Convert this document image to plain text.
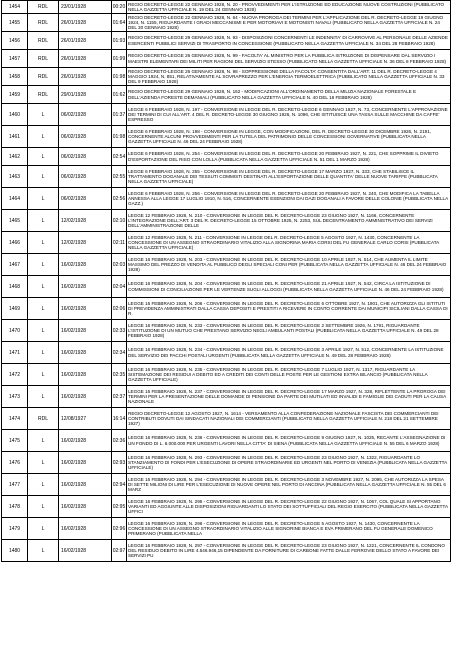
1454	RDL	23/01/1928	00:20	REGIO DECRETO-LEGGE 22 GENNAIO 1928, N. 20 - PROVVEDIMENTI PER L'ISTRUZIONE ED EDUCAZIONE NUOVE COSTRUZIONI (PUBBLICATO NELLA GAZZETTA UFFICIALE N. 19 DEL 24 GENNAIO 1928)
1455	RDL	26/01/1928	01:64	REGIO DECRETO-LEGGE 22 GENNAIO 1928, N. 64 - NUOVA PROROGA DEI TERMINI PER L'APPLICAZIONE DEL R. DECRETO-LEGGE 19 GIUGNO 1924, N. 1155, RIGUARDANTE I GRADI MECCANISMI E PER MOTORIAVI E MOTONISTI NAVALI (PUBBLICATO NELLA GAZZETTA UFFICIALE N. 24 DEL 30 GENNAIO 1928)
1456	RDL	26/01/1928	01:93	REGIO DECRETO-LEGGE 29 GENNAIO 1928, N. 93 - DISPOSIZIONI CONCERNENTI LE INDENNITA' DI CARROVIVE AL PERSONALE DELLE AZIENDE ESERCENTI PUBBLICI SERVIZI DI TRASPORTO IN CONCESSIONE (PUBBLICATO NELLA GAZZETTA UFFICIALE N. 34 DEL 28 FEBBRAIO 1928)
1457	RDL	26/01/1928	01:99	REGIO DECRETO-LEGGE 26 GENNAIO 1928, N. 99 - FACOLTA' AL MINISTRO PER LA PUBBLICA ISTRUZIONE DI DISPENSARE DAL SERVIZIO I MAESTRI ELEMENTARI DEI MILITI PER RAGIONI DEL SERVIZIO STESSO (PUBBLICATO NELLA GAZZETTA UFFICIALE N. 36 DEL 8 FEBBRAIO 1928)
1458	RDL	26/01/1928	01:98	REGIO DECRETO-LEGGE 26 GENNAIO 1928, N. 98 - SOPPRESSIONE DELLA FACOLTA' CONSENTITA DALL'ART. 11 DEL R. DECRETO-LEGGE 4 MAGGIO 1924, N. 851, RELATIVAMENTE AL SOVRAPREZZO PER L'ENERGIA TERMOELETTRICA (PUBBLICATO NELLA GAZZETTA UFFICIALE N. 33 DEL 9 FEBBRAIO 1928)
1459	RDL	29/01/1928	01:62	REGIO DECRETO-LEGGE 29 GENNAIO 1928, N. 162 - MODIFICAZIONI ALL'ORDINAMENTO DELLA MILIZIA NAZIONALE FORESTALE E DELL'AZIENDA FORESTE DEMANIALI (PUBBLICATO NELLA GAZZETTA UFFICIALE N. 40 DEL 18 FEBBRAIO 1928)
1460	L	06/02/1928	01:37	LEGGE 6 FEBBRAIO 1928, N. 197 - CONVERSIONE IN LEGGE DEL R. DECRETO-LEGGE 6 GENNAIO 1927, N. 73, CONCERNENTE L'APPROVAZIONE DEI TERMINI DI CUI ALL'ART. 4 DEL R. DECRETO-LEGGE 30 GIUGNO 1926, N. 1096, CHE ISTITUISCE UNA TASSA SULLE MACCHINE DA CAFFE' ESPRESSO
1461	L	06/02/1928	01:98	LEGGE 6 FEBBRAIO 1928, N. 198 - CONVERSIONE IN LEGGE, CON MODIFICAZIONI, DEL R. DECRETO-LEGGE 30 DICEMBRE 1926, N. 2191, CONCERNENTE ALCUNI PROVVEDIMENTI PER LA TUTELA DEL PATRIMONIO DELLE CONCESSIONI GOVERNATIVE (PUBBLICATA NELLA GAZZETTA UFFICIALE N. 46 DEL 24 FEBBRAIO 1928)
1462	L	06/02/1928	02:54	LEGGE 6 FEBBRAIO 1928, N. 254 - CONVERSIONE IN LEGGE DEL R. DECRETO-LEGGE 20 FEBBRAIO 1927, N. 221, CHE SOPPRIME IL DIVIETO D'ESPORTAZIONE DEL RISO CON LOLLA (PUBBLICATA NELLA GAZZETTA UFFICIALE N. 51 DEL 1 MARZO 1928)
1463	L	06/02/1928	02:55	LEGGE 6 FEBBRAIO 1928, N. 255 - CONVERSIONE IN LEGGE DEL R. DECRETO-LEGGE 17 MARZO 1927, N. 333, CHE STABILISCE IL TRATTAMENTO DOGANALE DEI TESSUTI COMMISTI DESTINATI ALL'ESPORTAZIONE DELLE QUANTITA' DELLE NUOVE TARIFFE (PUBBLICATA NELLA GAZZETTA UFFICIALE)
1464	L	06/02/1928	02:56	LEGGE 6 FEBBRAIO 1928, N. 256 - CONVERSIONE IN LEGGE DEL R. DECRETO-LEGGE 20 FEBBRAIO 1927, N. 240, CHE MODIFICA LA TABELLA ANNESSA ALLA LEGGE 17 LUGLIO 1910, N. 516, CONCERNENTE ESENZIONI DAI DAZI DOGANALI A FAVORE DELLE COLONIE (PUBBLICATA NELLA GAZZ.)
1465	L	12/02/1928	02:10	LEGGE 12 FEBBRAIO 1928, N. 210 - CONVERSIONE IN LEGGE DEL R. DECRETO-LEGGE 23 GIUGNO 1927, N. 1166, CONCERNENTE L'INTEGRAZIONE DELL'ART. 3 DEL R. DECRETO-LEGGE 15 OTTOBRE 1925, N. 2253, SUL DECENTRAMENTO AMMINISTRATIVO DEI SERVIZI DELL'AMMINISTRAZIONE DELLE
1466	L	12/02/1928	02:11	LEGGE 12 FEBBRAIO 1928, N. 211 - CONVERSIONE IN LEGGE DEL R. DECRETO-LEGGE 5 AGOSTO 1927, N. 1430, CONCERNENTE LA CONCESSIONE DI UN ASSEGNO STRAORDINARIO VITALIZIO ALLA SIGNORINA MARIA CORSI DEL FU GENERALE CARLO CORSI (PUBBLICATA NELLA GAZZETTA UFFICIALE)
1467	L	16/02/1928	02:03	LEGGE 16 FEBBRAIO 1928, N. 203 - CONVERSIONE IN LEGGE DEL R. DECRETO-LEGGE 10 APRILE 1927, N. 514, CHE AUMENTA IL LIMITE MASSIMO DEL PREZZO DI VENDITA AL PUBBLICO DEGLI SPECIALI CONI PER (PUBBLICATA NELLA GAZZETTA UFFICIALE N. 46 DEL 24 FEBBRAIO 1928)
1468	L	16/02/1928	02:04	LEGGE 16 FEBBRAIO 1928, N. 204 - CONVERSIONE IN LEGGE DEL R. DECRETO-LEGGE 21 APRILE 1927, N. 542, CIRCA LA ISTITUZIONE DI COMMISSIONI DI CONCILIAZIONE PER LE VERTENZE SUGLI ALLOGGI (PUBBLICATA NELLA GAZZETTA UFFICIALE N. 46 DEL 24 FEBBRAIO 1928)
1469	L	16/02/1928	02:06	LEGGE 16 FEBBRAIO 1928, N. 206 - CONVERSIONE IN LEGGE DEL R. DECRETO-LEGGE 6 OTTOBRE 1927, N. 1901, CHE AUTORIZZA GLI ISTITUTI DI PREVIDENZA AMMINISTRATI DALLA CASSA DEPOSITI E PRESTITI A RICEVERE IN CONTO CORRENTE DAI MUNICIPI SICILIANI DALLA CASSA DI R.
1470	L	16/02/1928	02:33	LEGGE 16 FEBBRAIO 1928, N. 233 - CONVERSIONE IN LEGGE DEL R. DECRETO-LEGGE 2 SETTEMBRE 1926, N. 1791, RIGUARDANTE L'ISTITUZIONE DI UN MUTUO CHE PRESTANO SERVIZIO NEGLI AMBULANTI POSTALI (PUBBLICATA NELLA GAZZETTA UFFICIALE N. 49 DEL 28 FEBBRAIO 1928)
1471	L	16/02/1928	02:34	LEGGE 16 FEBBRAIO 1928, N. 234 - CONVERSIONE IN LEGGE DEL R. DECRETO-LEGGE 3 APRILE 1927, N. 512, CONCERNENTE LA ISTITUZIONE DEL SERVIZIO DEI PACCHI POSTALI URGENTI (PUBBLICATA NELLA GAZZETTA UFFICIALE N. 49 DEL 28 FEBBRAIO 1928)
1472	L	16/02/1928	02:35	LEGGE 16 FEBBRAIO 1928, N. 235 - CONVERSIONE IN LEGGE DEL R. DECRETO-LEGGE 7 LUGLIO 1927, N. 1317, RIGUARDANTE LA SISTEMAZIONE DEI RESIDUI A DEBITO ED A CREDITI DEI CONTI DELLE POSTE PER LE GESTIONI EXTRA BILANCIO (PUBBLICATA NELLA GAZZETTA UFFICIALE)
1473	L	16/02/1928	02:37	LEGGE 16 FEBBRAIO 1928, N. 237 - CONVERSIONE IN LEGGE DEL R. DECRETO-LEGGE 17 MARZO 1927, N. 328, RIFLETTENTE LA PROROGA DEI TERMINI PER LA PRESENTAZIONE DELLE DOMANDE DI PENSIONE DA PARTE DEI MUTILATI ED INVALIDI E FAMIGLIE DEI CADUTI PER LA CAUSA NAZIONALE
1474	RDL	12/08/1927	16:14	REGIO DECRETO-LEGGE 12 AGOSTO 1927, N. 1614 - VERSAMENTO ALLA CONFEDERAZIONE NAZIONALE FASCISTA DEI COMMERCIANTI DEI CONTRIBUTI DOVUTI DAI SINDACATI NAZIONALI DEI COMMERCIANTI (PUBBLICATO NELLA GAZZETTA UFFICIALE N. 218 DEL 21 SETTEMBRE 1927)
1475	L	16/02/1928	02:36	LEGGE 16 FEBBRAIO 1928, N. 236 - CONVERSIONE IN LEGGE DEL R. DECRETO-LEGGE 9 GIUGNO 1927, N. 1025, RECANTE L'ASSEGNAZIONE DI UN FONDO DI L. 6.000.000 PER URGENTI LAVORI NELLA CITTA' DI SIENA (PUBBLICATA NELLA GAZZETTA UFFICIALE N. 55 DEL 6 MARZO 1928)
1476	L	16/02/1928	02:93	LEGGE 16 FEBBRAIO 1928, N. 293 - CONVERSIONE IN LEGGE DEL R. DECRETO-LEGGE 23 GIUGNO 1927, N. 1322, RIGUARDANTE LO STANZIAMENTO DI FONDI PER L'ESECUZIONE DI OPERE STRAORDINARIE ED URGENTI NEL PORTO DI VENEZIA (PUBBLICATA NELLA GAZZETTA UFFICIALE)
1477	L	16/02/1928	02:94	LEGGE 16 FEBBRAIO 1928, N. 294 - CONVERSIONE IN LEGGE DEL R. DECRETO-LEGGE 3 NOVEMBRE 1927, N. 2095, CHE AUTORIZZA LA SPESA DI SETTE MILIONI DI LIRE PER L'ESECUZIONE DI NUOVE OPERE NEL PORTO DI ANCONA (PUBBLICATA NELLA GAZZETTA UFFICIALE N. 55 DEL 6 MARZ
1478	L	16/02/1928	02:95	LEGGE 16 FEBBRAIO 1928, N. 295 - CONVERSIONE IN LEGGE DEL R. DECRETO-LEGGE 22 GIUGNO 1927, N. 1067, COL QUALE SI APPORTANO VARIANTI ED AGGIUNTE ALLE DISPOSIZIONI RIGUARDANTI LO STATO DEI SOTTUFFICIALI DEL REGIO ESERCITO (PUBBLICATA NELLA GAZZETTA UFFICI
1479	L	16/02/1928	02:96	LEGGE 16 FEBBRAIO 1928, N. 296 - CONVERSIONE IN LEGGE DEL R. DECRETO-LEGGE 5 AGOSTO 1927, N. 1430, CONCERNENTE LA CONCESSIONE DI UN ASSEGNO STRAORDINARIO VITALIZIO ALLE SIGNORINE BIANCA E EVA PRIMERANO DEL FU GENERALE DOMENICO PRIMERANO (PUBBLICATA NELLA
1480	L	16/02/1928	02:97	LEGGE 16 FEBBRAIO 1928, N. 297 - CONVERSIONE IN LEGGE DEL R. DECRETO-LEGGE 23 GIUGNO 1927, N. 1221, CONCERNENTE IL CONDONO DEL RESIDUO DEBITO IN LIRE 4.546.946,15 DIPENDENTE DA FORNITURE DI CARBONE FATTE DALLE FERROVIE DELLO STATO A FAVORE DEI SERVIZI PU
